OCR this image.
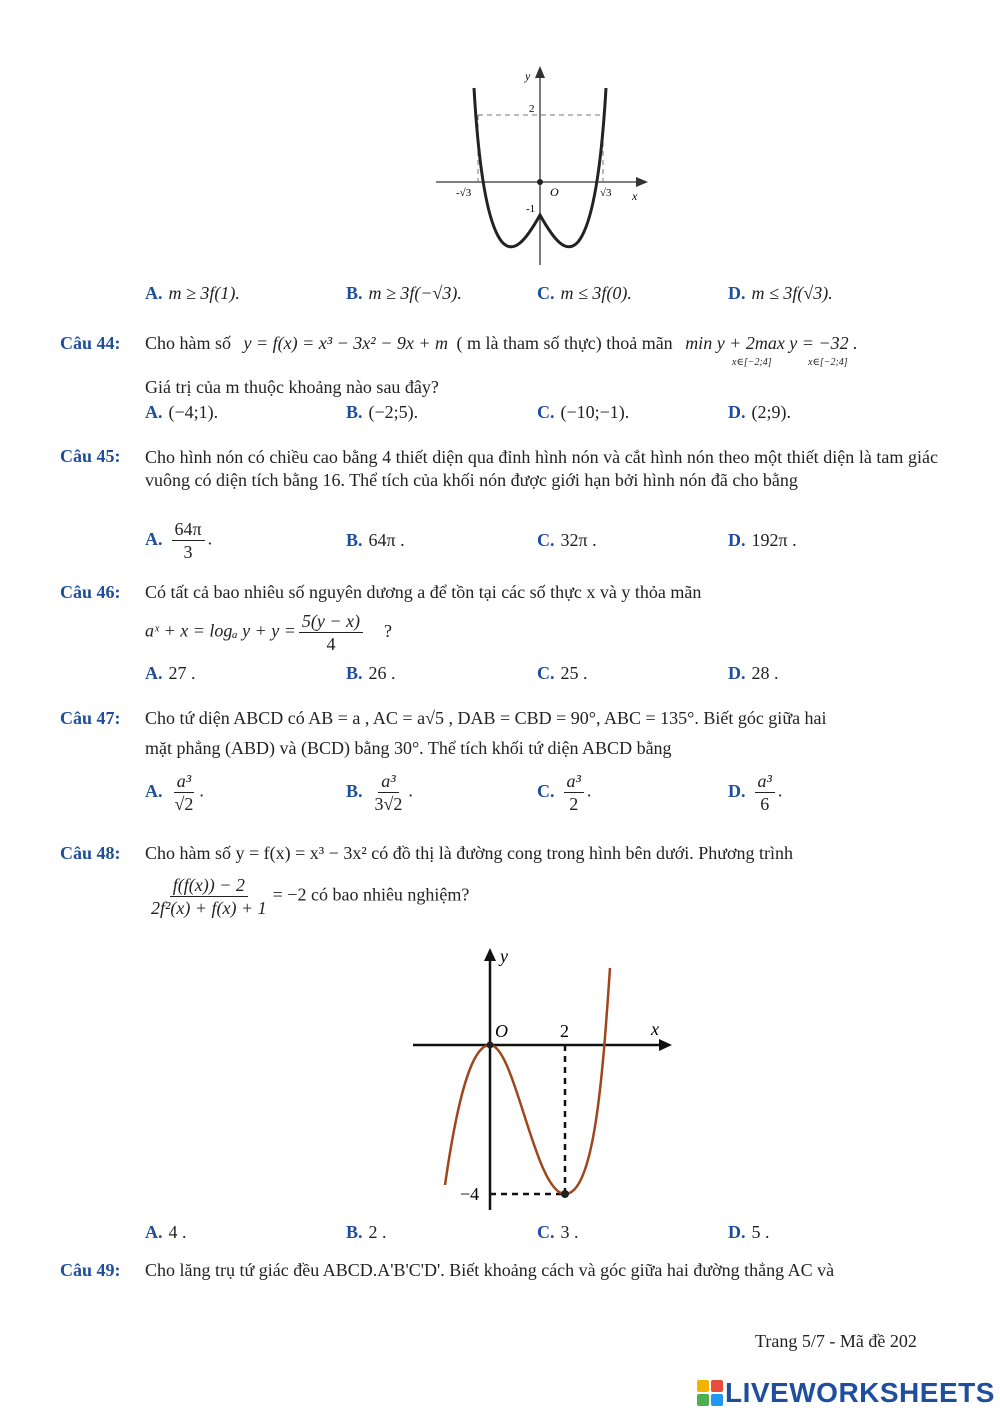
y
x
O
2
-1
-√3	√3
A. m ≥ 3f(1).	B. m ≥ 3f(−√3).	C. m ≤ 3f(0).	D. m ≤ 3f(√3).
Câu 44: Cho hàm số y = f(x) = x³ − 3x² − 9x + m ( m là tham số thực) thoả mãn min y + 2max y = −32 .
x∈[−2;4]	x∈[−2;4]
Giá trị của m thuộc khoảng nào sau đây?
A. (−4;1).	B. (−2;5).	C. (−10;−1).	D. (2;9).
Câu 45: Cho hình nón có chiều cao bằng 4 thiết diện qua đỉnh hình nón và cắt hình nón theo một thiết diện là tam giác vuông có diện tích bằng 16. Thể tích của khối nón được giới hạn bởi hình nón đã cho bằng
A. $\frac{64\pi}{3}$ .	B. 64π .	C. 32π .	D. 192π .
Câu 46: Có tất cả bao nhiêu số nguyên dương a để tồn tại các số thực x và y thỏa mãn
aˣ + x = logₐ $y + y = \frac{5(y - x)}{4}$ ?
A. 27 .	B. 26 .	C. 25 .	D. 28 .
Câu 47: Cho tứ diện ABCD có AB = a , AC = a√5 , DAB = CBD = 90°, ABC = 135°. Biết góc giữa hai
mặt phẳng (ABD) và (BCD) bằng 30°. Thể tích khối tứ diện ABCD bằng
A. $\frac{\text{a³}}{√2}$ .	B. $\frac{\text{a³}}{3√2}$ .	C. $\frac{\text{a³}}{2}$ .	D. $\frac{\text{a³}}{6}$ .
Câu 48: Cho hàm số y = f(x) = x³ − 3x² có đồ thị là đường cong trong hình bên dưới. Phương trình
$\frac{f(f(x)) - 2}{\text{2f²(x) + f(x) + 1}} = -2$ có bao nhiêu nghiệm?
y
x
O	2
−4
A. 4 .	B. 2 .	C. 3 .	D. 5 .
Câu 49: Cho lăng trụ tứ giác đều ABCD.A'B'C'D'. Biết khoảng cách và góc giữa hai đường thẳng AC và
Trang 5/7 - Mã đề 202
LIVEWORKSHEETS
